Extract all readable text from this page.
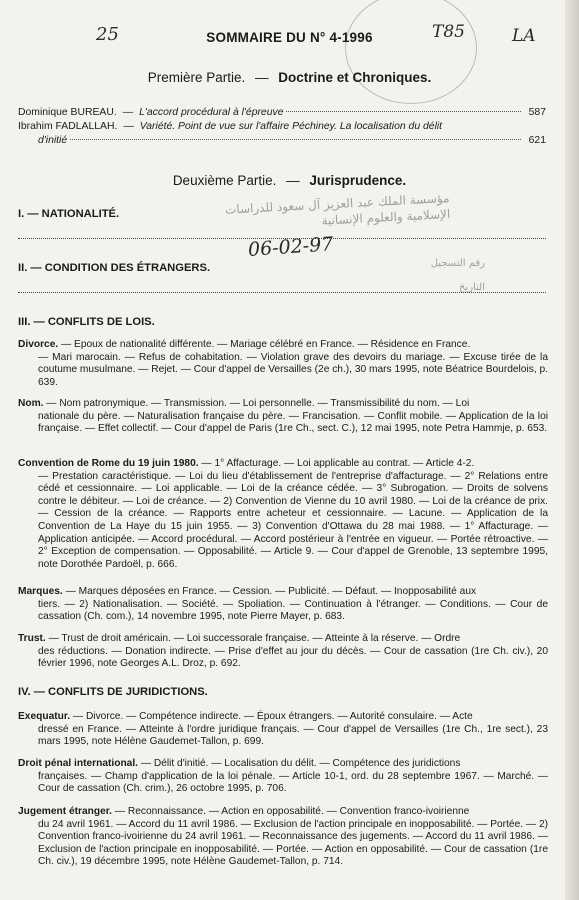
25	T85	LA
06-02-97
SOMMAIRE DU N° 4-1996
Première Partie. — Doctrine et Chroniques.
Dominique BUREAU. — L'accord procédural à l'épreuve	587
Ibrahim FADLALLAH. — Variété. Point de vue sur l'affaire Péchiney. La localisation du délit
d'initié	621
Deuxième Partie. — Jurisprudence.
مؤسسة الملك عبد العزيز آل سعود للدراسات الإسلامية والعلوم الإنسانية
رقم التسجيل
التاريخ
I. — NATIONALITÉ.
II. — CONDITION DES ÉTRANGERS.
III. — CONFLITS DE LOIS.
Divorce. — Epoux de nationalité différente. — Mariage célébré en France. — Résidence en France.
— Mari marocain. — Refus de cohabitation. — Violation grave des devoirs du mariage. — Excuse tirée de la coutume musulmane. — Rejet. — Cour d'appel de Versailles (2e ch.), 30 mars 1995, note Béatrice Bourdelois, p. 639.
Nom. — Nom patronymique. — Transmission. — Loi personnelle. — Transmissibilité du nom. — Loi
nationale du père. — Naturalisation française du père. — Francisation. — Conflit mobile. — Application de la loi française. — Effet collectif. — Cour d'appel de Paris (1re Ch., sect. C.), 12 mai 1995, note Petra Hammje, p. 653.
Convention de Rome du 19 juin 1980. — 1° Affacturage. — Loi applicable au contrat. — Article 4-2.
— Prestation caractéristique. — Loi du lieu d'établissement de l'entreprise d'affacturage. — 2° Relations entre cédé et cessionnaire. — Loi applicable. — Loi de la créance cédée. — 3° Subrogation. — Droits de solvens contre le débiteur. — Loi de créance. — 2) Convention de Vienne du 10 avril 1980. — Loi de la créance de prix. — Cession de la créance. — Rapports entre acheteur et cessionnaire. — Lacune. — Application de la Convention de La Haye du 15 juin 1955. — 3) Convention d'Ottawa du 28 mai 1988. — 1° Affacturage. — Application anticipée. — Accord procédural. — Accord postérieur à l'entrée en vigueur. — Portée rétroactive. — 2° Exception de compensation. — Opposabilité. — Article 9. — Cour d'appel de Grenoble, 13 septembre 1995, note Dorothée Pardoël, p. 666.
Marques. — Marques déposées en France. — Cession. — Publicité. — Défaut. — Inopposabilité aux
tiers. — 2) Nationalisation. — Société. — Spoliation. — Continuation à l'étranger. — Conditions. — Cour de cassation (Ch. com.), 14 novembre 1995, note Pierre Mayer, p. 683.
Trust. — Trust de droit américain. — Loi successorale française. — Atteinte à la réserve. — Ordre
des réductions. — Donation indirecte. — Prise d'effet au jour du décès. — Cour de cassation (1re Ch. civ.), 20 février 1996, note Georges A.L. Droz, p. 692.
IV. — CONFLITS DE JURIDICTIONS.
Exequatur. — Divorce. — Compétence indirecte. — Époux étrangers. — Autorité consulaire. — Acte
dressé en France. — Atteinte à l'ordre juridique français. — Cour d'appel de Versailles (1re Ch., 1re sect.), 23 mars 1995, note Hélène Gaudemet-Tallon, p. 699.
Droit pénal international. — Délit d'initié. — Localisation du délit. — Compétence des juridictions
françaises. — Champ d'application de la loi pénale. — Article 10-1, ord. du 28 septembre 1967. — Marché. — Cour de cassation (Ch. crim.), 26 octobre 1995, p. 706.
Jugement étranger. — Reconnaissance. — Action en opposabilité. — Convention franco-ivoirienne
du 24 avril 1961. — Accord du 11 avril 1986. — Exclusion de l'action principale en inopposabilité. — Portée. — 2) Convention franco-ivoirienne du 24 avril 1961. — Reconnaissance des jugements. — Accord du 11 avril 1986. — Exclusion de l'action principale en inopposabilité. — Portée. — Action en opposabilité. — Cour de cassation (1re Ch. civ.), 19 décembre 1995, note Hélène Gaudemet-Tallon, p. 714.
